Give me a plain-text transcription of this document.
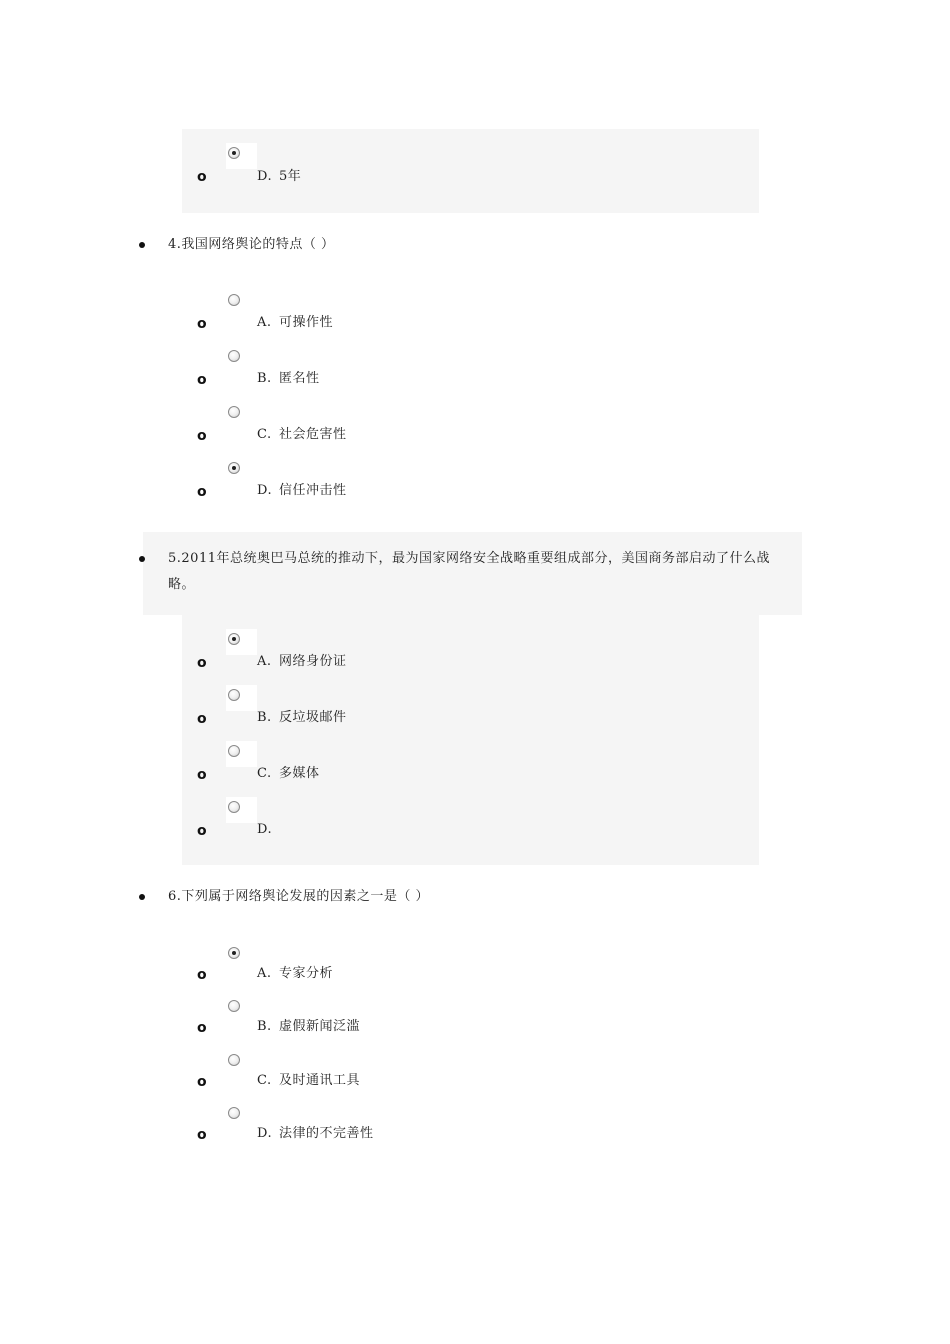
o	D. 5年
4.我国网络舆论的特点（ ）
o	A. 可操作性
o	B. 匿名性
o	C. 社会危害性
o	D. 信任冲击性
5.2011年总统奥巴马总统的推动下，最为国家网络安全战略重要组成部分，美国商务部启动了什么战略。
o	A. 网络身份证
o	B. 反垃圾邮件
o	C. 多媒体
o	D.
6.下列属于网络舆论发展的因素之一是（ ）
o	A. 专家分析
o	B. 虚假新闻泛滥
o	C. 及时通讯工具
o	D. 法律的不完善性
